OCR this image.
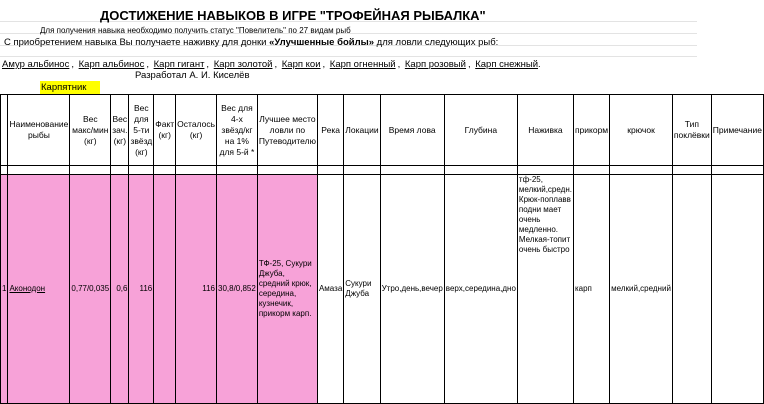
ДОСТИЖЕНИЕ НАВЫКОВ В ИГРЕ "ТРОФЕЙНАЯ РЫБАЛКА"
Для получения навыка необходимо получить статус "Повелитель" по 27 видам рыб
С приобретением навыка Вы получаете наживку для донки «Улучшенные бойлы» для ловли следующих рыб:
Амур альбинос , Карп альбинос , Карп гигант , Карп золотой , Карп кои , Карп огненный , Карп розовый , Карп снежный.
Разработал А. И. Киселёв
Карпятник
	Наименование рыбы	Вес макс/мин (кг)	Вес зач. (кг)	Вес для 5-ти звёзд (кг)	Факт (кг)	Осталось (кг)	Вес для 4-х звёзд/кг на 1% для 5-й *	Лучшее место ловли по Путеводителю	Река	Локации	Время лова	Глубина	Наживка	прикорм	крючок	Тип поклёвки	Примечание

1	Аконодон	0,77/0,035	0,6	116		116	30,8/0,852	ТФ-25, Сукури Джуба, средний крюк, середина, кузнечик, прикорм карп.	Амаза	Сукури Джуба	Утро,день,вечер	верх,середина,дно	тф-25, мелкий,средн. Крюк-поплавв подни мает очень медленно. Мелкая-топит очень быстро	карп	мелкий,средний		
